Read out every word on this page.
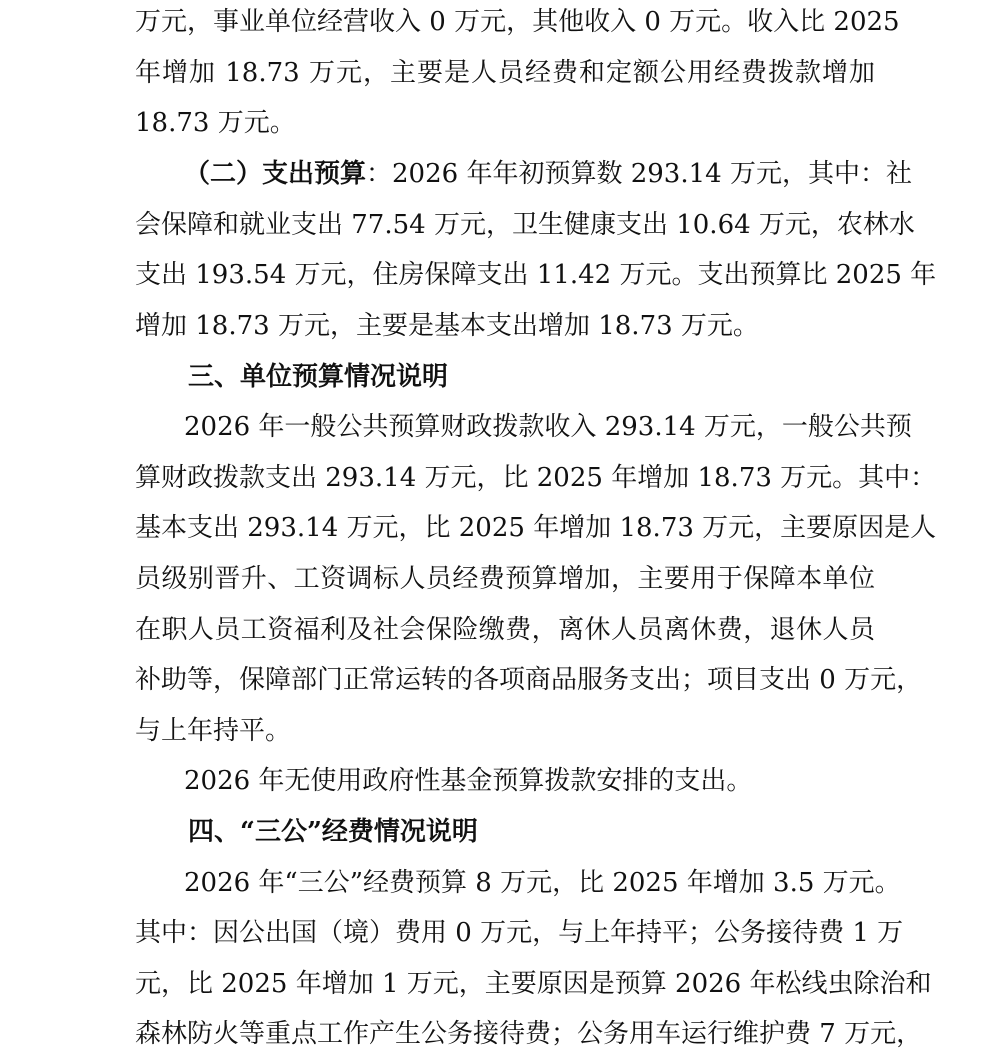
万元，事业单位经营收入 0 万元，其他收入 0 万元。收入比 2025
年增加 18.73 万元，主要是人员经费和定额公用经费拨款增加
18.73 万元。
（二）支出预算：2026 年年初预算数 293.14 万元，其中：社
会保障和就业支出 77.54 万元，卫生健康支出 10.64 万元，农林水
支出 193.54 万元，住房保障支出 11.42 万元。支出预算比 2025 年
增加 18.73 万元，主要是基本支出增加 18.73 万元。
三、单位预算情况说明
2026 年一般公共预算财政拨款收入 293.14 万元，一般公共预
算财政拨款支出 293.14 万元，比 2025 年增加 18.73 万元。其中：
基本支出 293.14 万元，比 2025 年增加 18.73 万元，主要原因是人
员级别晋升、工资调标人员经费预算增加，主要用于保障本单位
在职人员工资福利及社会保险缴费，离休人员离休费，退休人员
补助等，保障部门正常运转的各项商品服务支出；项目支出 0 万元，
与上年持平。
2026 年无使用政府性基金预算拨款安排的支出。
四、“三公”经费情况说明
2026 年“三公”经费预算 8 万元，比 2025 年增加 3.5 万元。
其中：因公出国（境）费用 0 万元，与上年持平；公务接待费 1 万
元，比 2025 年增加 1 万元，主要原因是预算 2026 年松线虫除治和
森林防火等重点工作产生公务接待费；公务用车运行维护费 7 万元，
